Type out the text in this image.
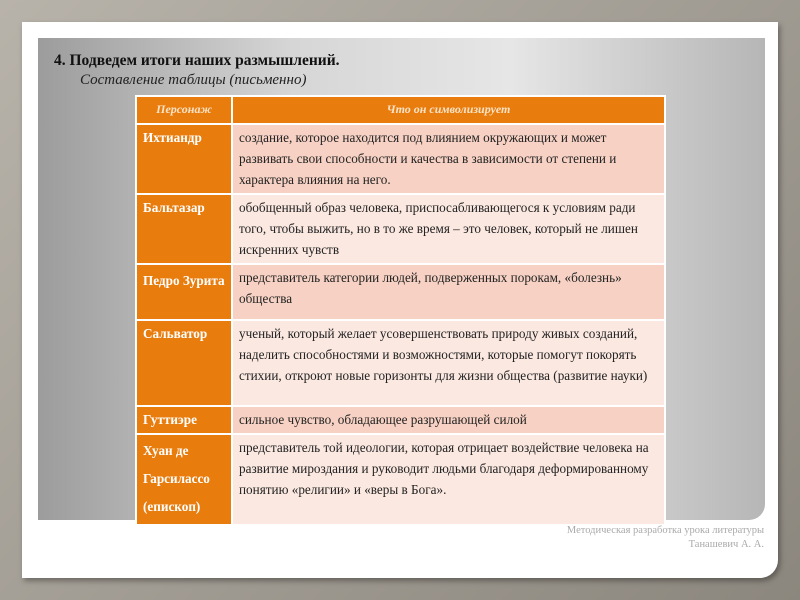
4. Подведем итоги наших размышлений.
Составление таблицы (письменно)
Персонаж	Что он символизирует
Ихтиандр	создание, которое находится под влиянием окружающих и может развивать свои способности и качества в зависимости от степени и характера влияния на него.
Бальтазар	обобщенный образ человека, приспосабливающегося к условиям ради того, чтобы выжить, но в то же время – это человек, который не лишен искренних чувств
Педро Зурита	представитель категории людей, подверженных порокам, «болезнь» общества
Сальватор	ученый, который желает усовершенствовать природу живых созданий, наделить способностями и возможностями, которые помогут покорять стихии, откроют новые горизонты для жизни общества (развитие науки)
Гуттиэре	сильное чувство, обладающее разрушающей силой
Хуан де Гарсилассо (епископ)	представитель той идеологии, которая отрицает воздействие человека на развитие мироздания и руководит людьми благодаря деформированному понятию «религии» и «веры в Бога».
Методическая разработка урока литературы
Танашевич А. А.
